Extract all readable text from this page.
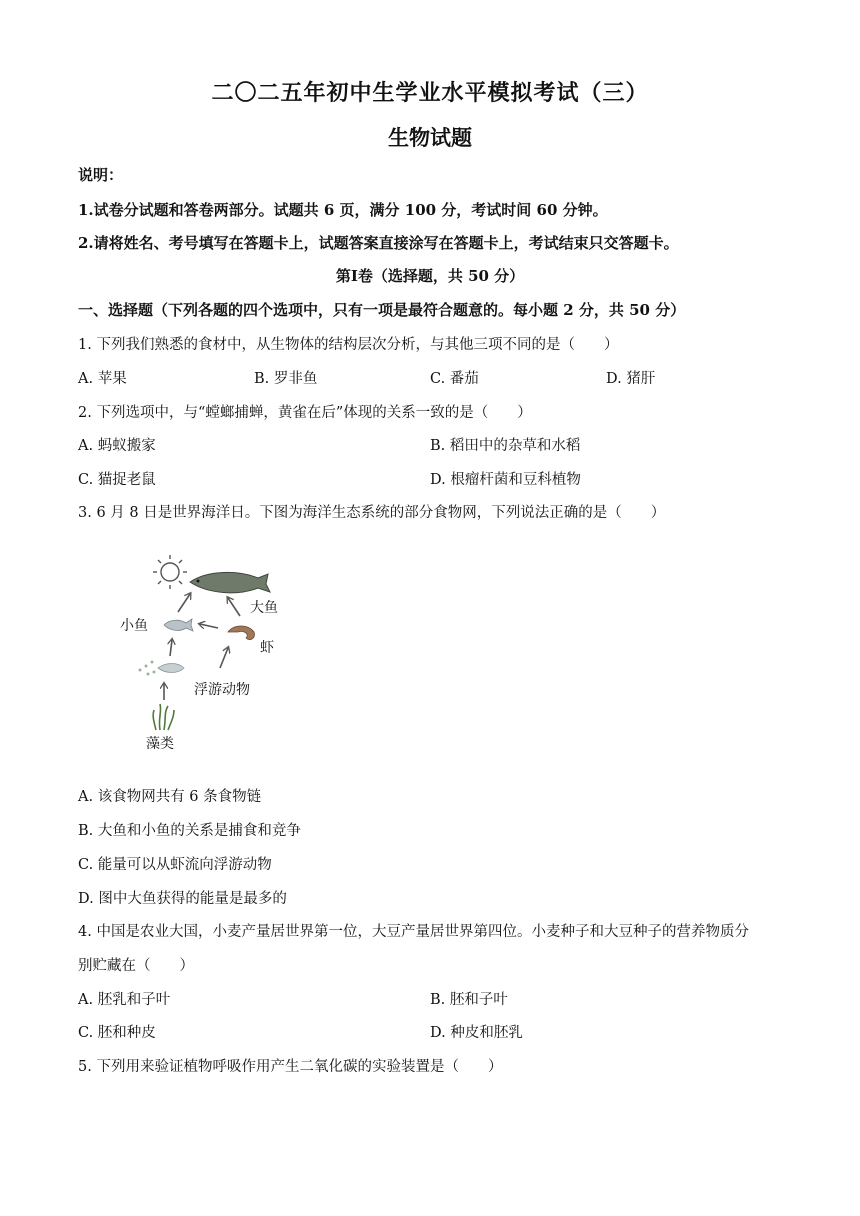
二〇二五年初中生学业水平模拟考试（三）
生物试题
说明：
1.试卷分试题和答卷两部分。试题共 6 页，满分 100 分，考试时间 60 分钟。
2.请将姓名、考号填写在答题卡上，试题答案直接涂写在答题卡上，考试结束只交答题卡。
第Ⅰ卷（选择题，共 50 分）
一、选择题（下列各题的四个选项中，只有一项是最符合题意的。每小题 2 分，共 50 分）
1. 下列我们熟悉的食材中，从生物体的结构层次分析，与其他三项不同的是（　　）
A. 苹果	B. 罗非鱼	C. 番茄	D. 猪肝
2. 下列选项中，与“螳螂捕蝉，黄雀在后”体现的关系一致的是（　　）
A. 蚂蚁搬家	B. 稻田中的杂草和水稻
C. 猫捉老鼠	D. 根瘤杆菌和豆科植物
3. 6 月 8 日是世界海洋日。下图为海洋生态系统的部分食物网，下列说法正确的是（　　）
大鱼
小鱼
虾
浮游动物
藻类
A. 该食物网共有 6 条食物链
B. 大鱼和小鱼的关系是捕食和竞争
C. 能量可以从虾流向浮游动物
D. 图中大鱼获得的能量是最多的
4. 中国是农业大国，小麦产量居世界第一位，大豆产量居世界第四位。小麦种子和大豆种子的营养物质分
别贮藏在（　　）
A. 胚乳和子叶	B. 胚和子叶
C. 胚和种皮	D. 种皮和胚乳
5. 下列用来验证植物呼吸作用产生二氧化碳的实验装置是（　　）
